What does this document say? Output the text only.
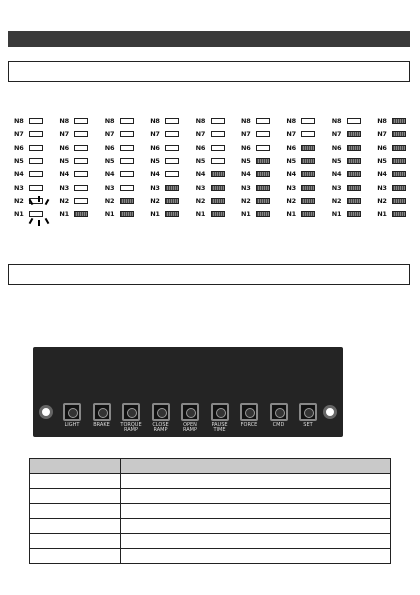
N8
N7
N6
N5
N4
N3
N2
N1
N8
N7
N6
N5
N4
N3
N2
N1
N8
N7
N6
N5
N4
N3
N2
N1
N8
N7
N6
N5
N4
N3
N2
N1
N8
N7
N6
N5
N4
N3
N2
N1
N8
N7
N6
N5
N4
N3
N2
N1
N8
N7
N6
N5
N4
N3
N2
N1
N8
N7
N6
N5
N4
N3
N2
N1
N8
N7
N6
N5
N4
N3
N2
N1
LIGHT	BRAKE	TORQUE
RAMP
CLOSE
RAMP
OPEN
RAMP
PAUSE
TIME
FORCE	CMD	SET
